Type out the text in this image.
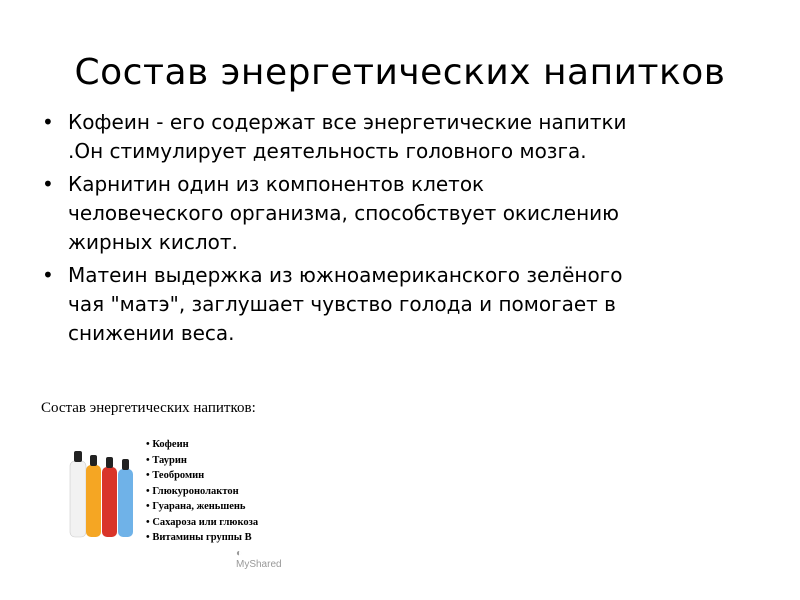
Состав энергетических напитков
• Кофеин - его содержат все энергетические напитки
.Он стимулирует деятельность головного мозга.
• Карнитин один из компонентов клеток
человеческого организма, способствует окислению
жирных кислот.
• Матеин выдержка из южноамериканского зелёного
чая "матэ", заглушает чувство голода и помогает в
снижении веса.
Состав энергетических напитков:
• Кофеин
• Таурин
• Теобромин
• Глюкуронолактон
• Гуарана, женьшень
• Сахароза или глюкоза
• Витамины группы В
◐ MyShared
